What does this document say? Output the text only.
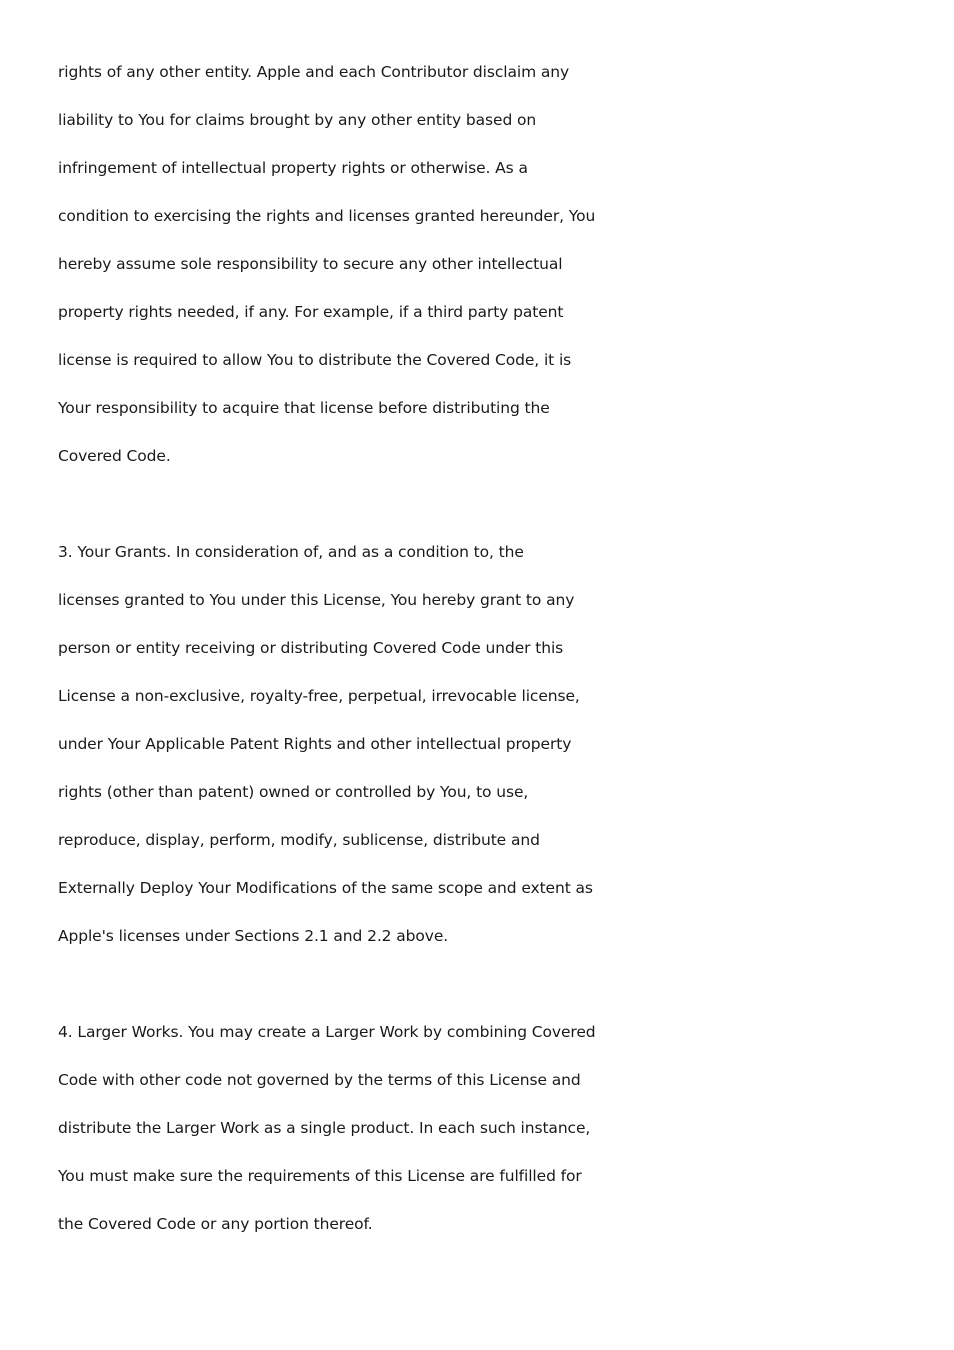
rights of any other entity. Apple and each Contributor disclaim any
liability to You for claims brought by any other entity based on
infringement of intellectual property rights or otherwise. As a
condition to exercising the rights and licenses granted hereunder, You
hereby assume sole responsibility to secure any other intellectual
property rights needed, if any. For example, if a third party patent
license is required to allow You to distribute the Covered Code, it is
Your responsibility to acquire that license before distributing the
Covered Code.
3. Your Grants. In consideration of, and as a condition to, the
licenses granted to You under this License, You hereby grant to any
person or entity receiving or distributing Covered Code under this
License a non-exclusive, royalty-free, perpetual, irrevocable license,
under Your Applicable Patent Rights and other intellectual property
rights (other than patent) owned or controlled by You, to use,
reproduce, display, perform, modify, sublicense, distribute and
Externally Deploy Your Modifications of the same scope and extent as
Apple's licenses under Sections 2.1 and 2.2 above.
4. Larger Works. You may create a Larger Work by combining Covered
Code with other code not governed by the terms of this License and
distribute the Larger Work as a single product. In each such instance,
You must make sure the requirements of this License are fulfilled for
the Covered Code or any portion thereof.
